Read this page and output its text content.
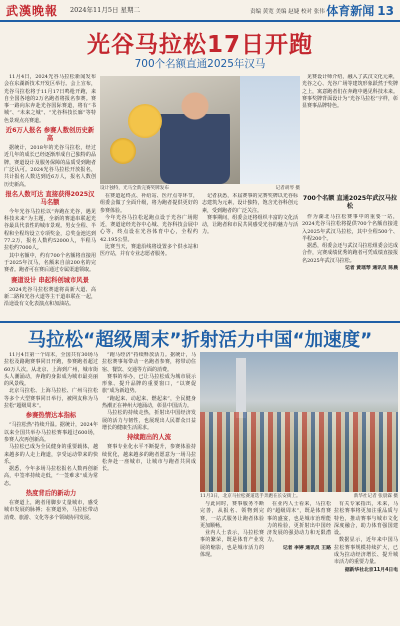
武漢晚報 2024年11月5日 星期二	责编 黄宽 美编 赵婕 校对 张伟 体育新闻 13
光谷马拉松17日开跑
700个名额直通2025年汉马

11月4日，2024光谷马拉松新闻发布会在东湖新技术开发区举行。会上宣布，光谷马拉松将于11月17日鸣枪开跑，来自全国各地的2万名跑者将报名参赛。赛事一路向东奔赴光谷国际赛道，将有“书城”、“未来之城”、“光谷科技长廊”等特色景观点亮赛道。

近6万人报名 参赛人数创历史新高

据统计，2018年的光谷马拉松，经过近几年的成长已经逐渐形成自己独特的品牌，赛道设计及服务保障的品质受到跑者广泛认可。2024光谷马拉松开放报名，共计报名人数达到近6万人，报名人数创历史新高。

报名人数可达 直接获得2025汉马名额

今年光谷马拉松以“奔跑在光谷，遇见科技未来”为主题，全新的赛道串联起光谷最具代表性的城市景观。男女全程、半程和全程均设立专项奖金，总奖金池达到77.2万，报名人数约52000人，半程马拉松约7000人。

其中名额中，约有700个名额将直接用于2025年汉马，名额来自前200名的完赛者。跑者可在赛后通过专属渠道领取。

赛道设计 串起科创城市风景

2024光谷马拉松赛道将高新大道、高新二路和光谷大道等主干道串联在一起，沿途设有文化表演点和加油站。

设计独特，光马全新完赛奖牌发布	记者胡琴 摄

在赛道起终点、补给站、医疗点等环节，组委会做了全面升级，将为跑者提供更好的参赛体验。

今年光谷马拉松起跑点设于光谷广场附近，赛道途经光谷中心城、光谷科技会展中心等，终点设在光谷体育中心，全程约42.195公里。

比赛当天，赛道沿线将设置多个供水站和医疗站，并有专业志愿者服务。

记者获悉，本届赛事的完赛奖牌以光谷标志建筑为元素，设计独特，饱含光谷科创元素，受到跑者的广泛关注。

赛事期间，组委会还将组织丰富的文化活动，让跑者和市民共同感受光谷的魅力与活力。

见赛设计师介绍，融入了武汉文化元素，光谷之心、光谷广场等建筑形象跃然于奖牌之上，寓意跑者们在奔跑中遇见科技未来。赛事奖牌背面设计为“光谷马拉松”字样，彰显赛事品牌特色。

700个名额 直通2025年武汉马拉松

作为湖北马拉松赛事中的重要一站，2024光谷马拉松将提供700个名额直接进入2025年武汉马拉松，其中全程500个、半程200个。

据悉，组委会还与武汉马拉松组委会达成合作，完赛成绩优秀的跑者可凭成绩直接报名2025年武汉马拉松。

记者 黄瑶琴 通讯员 陈晨

马拉松“超级周末”折射活力中国“加速度”

11月4日第一个周末，全国共有30场马拉松及路跑赛事同日开跑，参赛跑者超过60万人次。从北京、上海到广州，城市街头人潮涌动，奔跑的身影成为城市最亮丽的风景线。

北京马拉松、上海马拉松、广州马拉松等多个大型赛事同日举行，被网友称为马拉松“超级周末”。

参赛热情达本指标

“马拉松热”持续升温。据统计，2024年以来全国共举办马拉松赛事超过600场，参赛人次再创新高。

马拉松已成为全民健身的重要载体，越来越多的人走上跑道，享受运动带来的快乐。

据悉，今年多场马拉松报名人数再创新高，中签率持续走低，“一签难求”成为常态。

热度背后的新动力

在赛道上，跑者用脚步丈量城市，感受城市发展的脉搏；在赛道外，马拉松带动消费、旅游、文化等多个领域协同发展。

“跑马经济”持续释放活力。据统计，马拉松赛事每带动一名跑者参赛，将带动住宿、餐饮、交通等方面的消费。

赛事的举办，已让马拉松成为城市展示形象、提升品牌的重要窗口，“以赛促旅”成为新趋势。

“跑起来、动起来、燃起来”，全民健身热潮正在神州大地涌动，彰显中国活力。

马拉松的持续走热，折射出中国经济发展的活力与韧性，也展现出人民群众日益增长的健康生活需求。

持续跑出的人流

赛事专业化水平不断提升，参赛体验持续优化，越来越多的跑者愿意为一场马拉松奔赴一座城市，让城市与跑者共同成长。

11月3日，北京马拉松赛道选手奔跑在长安街上。	新华社记者 张晨霖 摄

与此同时，赛事服务不断完善，从报名、领物到完赛，一站式服务让跑者体验更加顺畅。

业内人士表示，马拉松赛事的繁荣，既是体育产业发展的缩影，也是城市活力的体现。

在业内人士看来，马拉松的“超级周末”，既是体育赛事的盛宴，也是城市治理能力的检验，更折射出中国经济发展的强劲动力和无限潜力。

记者 李婷 通讯员 王路

有关专家指出，未来，马拉松赛事将更加注重品质与特色，推动赛事与城市文化深度融合，助力体育强国建设。

数据显示，近年来中国马拉松赛事规模持续扩大，已成为拉动经济增长、提升城市活力的重要力量。

据新华社北京11月4日电
